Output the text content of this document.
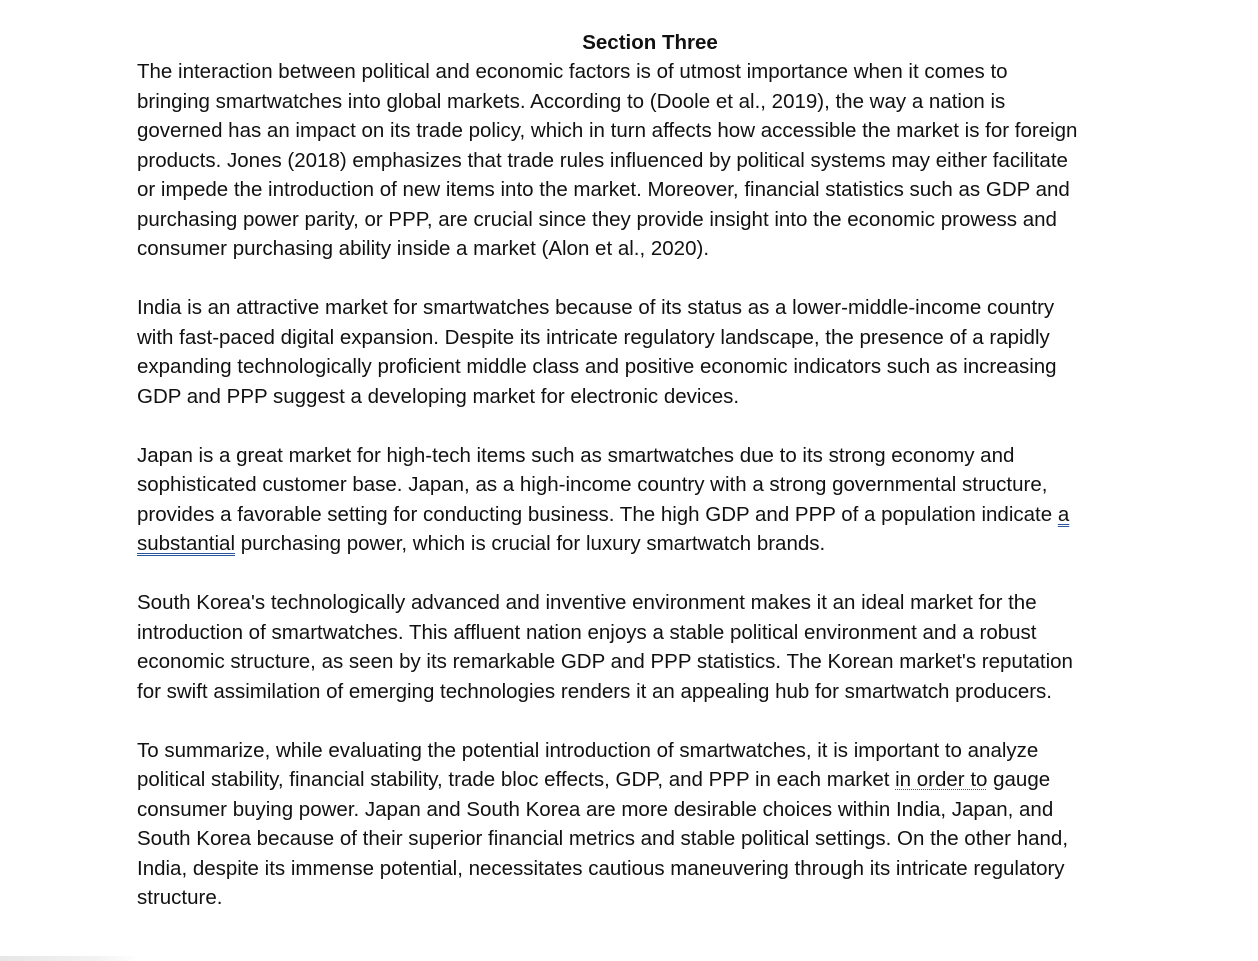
Section Three

The interaction between political and economic factors is of utmost importance when it comes to
bringing smartwatches into global markets. According to (Doole et al., 2019), the way a nation is
governed has an impact on its trade policy, which in turn affects how accessible the market is for foreign
products. Jones (2018) emphasizes that trade rules influenced by political systems may either facilitate
or impede the introduction of new items into the market. Moreover, financial statistics such as GDP and
purchasing power parity, or PPP, are crucial since they provide insight into the economic prowess and
consumer purchasing ability inside a market (Alon et al., 2020).

India is an attractive market for smartwatches because of its status as a lower-middle-income country
with fast-paced digital expansion. Despite its intricate regulatory landscape, the presence of a rapidly
expanding technologically proficient middle class and positive economic indicators such as increasing
GDP and PPP suggest a developing market for electronic devices.

Japan is a great market for high-tech items such as smartwatches due to its strong economy and
sophisticated customer base. Japan, as a high-income country with a strong governmental structure,
provides a favorable setting for conducting business. The high GDP and PPP of a population indicate a
substantial purchasing power, which is crucial for luxury smartwatch brands.

South Korea's technologically advanced and inventive environment makes it an ideal market for the
introduction of smartwatches. This affluent nation enjoys a stable political environment and a robust
economic structure, as seen by its remarkable GDP and PPP statistics. The Korean market's reputation
for swift assimilation of emerging technologies renders it an appealing hub for smartwatch producers.

To summarize, while evaluating the potential introduction of smartwatches, it is important to analyze
political stability, financial stability, trade bloc effects, GDP, and PPP in each market in order to gauge
consumer buying power. Japan and South Korea are more desirable choices within India, Japan, and
South Korea because of their superior financial metrics and stable political settings. On the other hand,
India, despite its immense potential, necessitates cautious maneuvering through its intricate regulatory
structure.
